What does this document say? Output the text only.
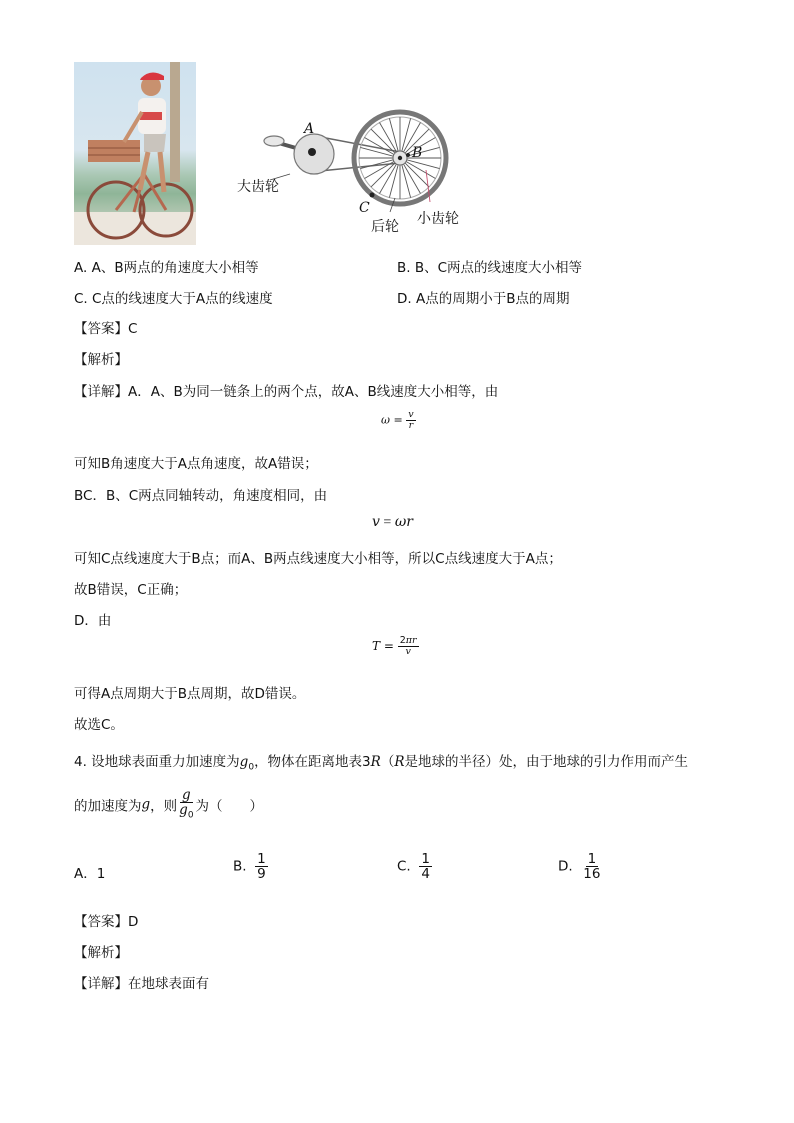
A
B
C
大齿轮
后轮 小齿轮
A. A、B两点的角速度大小相等	B. B、C两点的线速度大小相等
C. C点的线速度大于A点的线速度	D. A点的周期小于B点的周期
【答案】C
【解析】
【详解】A．A、B为同一链条上的两个点，故A、B线速度大小相等，由
$\omega = \frac{v}{r}$
可知B角速度大于A点角速度，故A错误；
BC．B、C两点同轴转动，角速度相同，由
v = ωr
可知C点线速度大于B点；而A、B两点线速度大小相等，所以C点线速度大于A点；
故B错误，C正确；
D．由
$T = \frac{2\pi r}{v}$
可得A点周期大于B点周期，故D错误。
故选C。
4. 设地球表面重力加速度为$g_0$，物体在距离地表3R（R是地球的半径）处，由于地球的引力作用而产生
的加速度为g，则 $\frac{g}{g_0}$ 为（　　）
A．1	B. $\frac{1}{9}$	C. $\frac{1}{4}$	D. $\frac{1}{16}$
【答案】D
【解析】
【详解】在地球表面有
